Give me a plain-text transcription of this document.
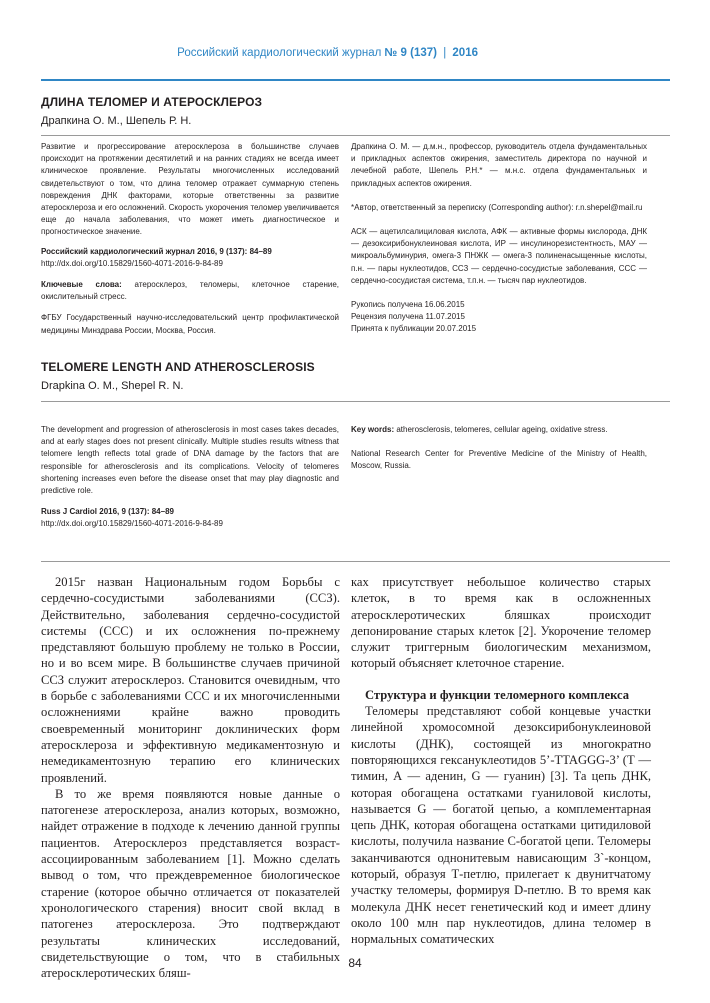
Российский кардиологический журнал № 9 (137) | 2016
ДЛИНА ТЕЛОМЕР И АТЕРОСКЛЕРОЗ
Драпкина О. М., Шепель Р. Н.

Развитие и прогрессирование атеросклероза в большинстве случаев происходит на протяжении десятилетий и на ранних стадиях не всегда имеет клиническое проявление. Результаты многочисленных исследований свидетельствуют о том, что длина теломер отражает суммарную степень повреждения ДНК факторами, которые ответственны за развитие атеросклероза и его осложнений. Скорость укорочения теломер увеличивается еще до начала заболевания, что может иметь диагностическое и прогностическое значение.

Российский кардиологический журнал 2016, 9 (137): 84–89

http://dx.doi.org/10.15829/1560-4071-2016-9-84-89

Ключевые слова: атеросклероз, теломеры, клеточное старение, окислительный стресс.

ФГБУ Государственный научно-исследовательский центр профилактической медицины Минздрава России, Москва, Россия.

Драпкина О. М. — д.м.н., профессор, руководитель отдела фундаментальных и прикладных аспектов ожирения, заместитель директора по научной и лечебной работе, Шепель Р.Н.* — м.н.с. отдела фундаментальных и прикладных аспектов ожирения.

*Автор, ответственный за переписку (Corresponding author): r.n.shepel@mail.ru

АСК — ацетилсалициловая кислота, АФК — активные формы кислорода, ДНК — дезоксирибонуклеиновая кислота, ИР — инсулинорезистентность, МАУ — микроальбуминурия, омега-3 ПНЖК — омега-3 полиненасыщенные кислоты, п.н. — пары нуклеотидов, СС3 — сердечно-сосудистые заболевания, ССС — сердечно-сосудистая система, т.п.н. — тысяч пар нуклеотидов.

Рукопись получена 16.06.2015

Рецензия получена 11.07.2015

Принята к публикации 20.07.2015

TELOMERE LENGTH AND ATHEROSCLEROSIS
Drapkina O. M., Shepel R. N.

The development and progression of atherosclerosis in most cases takes decades, and at early stages does not present clinically. Multiple studies results witness that telomere length reflects total grade of DNA damage by the factors that are responsible for atherosclerosis and its complications. Velocity of telomeres shortening increases even before the disease onset that may play diagnostic and predictive role.

Russ J Cardiol 2016, 9 (137): 84–89

http://dx.doi.org/10.15829/1560-4071-2016-9-84-89

Key words: atherosclerosis, telomeres, cellular ageing, oxidative stress.

National Research Center for Preventive Medicine of the Ministry of Health, Moscow, Russia.

2015г назван Национальным годом Борьбы с сердечно-сосудистыми заболеваниями (ССЗ). Действительно, заболевания сердечно-сосудистой системы (ССС) и их осложнения по-прежнему представляют большую проблему не только в России, но и во всем мире. В большинстве случаев причиной ССЗ служит атеросклероз. Становится очевидным, что в борьбе с заболеваниями ССС и их многочисленными осложнениями крайне важно проводить своевременный мониторинг доклинических форм атеросклероза и эффективную медикаментозную и немедикаментозную терапию его клинических проявлений.

В то же время появляются новые данные о патогенезе атеросклероза, анализ которых, возможно, найдет отражение в подходе к лечению данной группы пациентов. Атеросклероз представляется возраст-ассоциированным заболеванием [1]. Можно сделать вывод о том, что преждевременное биологическое старение (которое обычно отличается от показателей хронологического старения) вносит свой вклад в патогенез атеросклероза. Это подтверждают результаты клинических исследований, свидетельствующие о том, что в стабильных атеросклеротических бляш-

ках присутствует небольшое количество старых клеток, в то время как в осложненных атеросклеротических бляшках происходит депонирование старых клеток [2]. Укорочение теломер служит триггерным биологическим механизмом, который объясняет клеточное старение.

Структура и функции теломерного комплекса

Теломеры представляют собой концевые участки линейной хромосомной дезоксирибонуклеиновой кислоты (ДНК), состоящей из многократно повторяющихся гексануклеотидов 5’-TTAGGG-3’ (Т — тимин, А — аденин, G — гуанин) [3]. Та цепь ДНК, которая обогащена остатками гуаниловой кислоты, называется G — богатой цепью, а комплементарная цепь ДНК, которая обогащена остатками цитидиловой кислоты, получила название С-богатой цепи. Теломеры заканчиваются однонитевым нависающим 3`-концом, который, образуя Т-петлю, прилегает к двунитчатому участку теломеры, формируя D-петлю. В то время как молекула ДНК несет генетический код и имеет длину около 100 млн пар нуклеотидов, длина теломер в нормальных соматических

84
